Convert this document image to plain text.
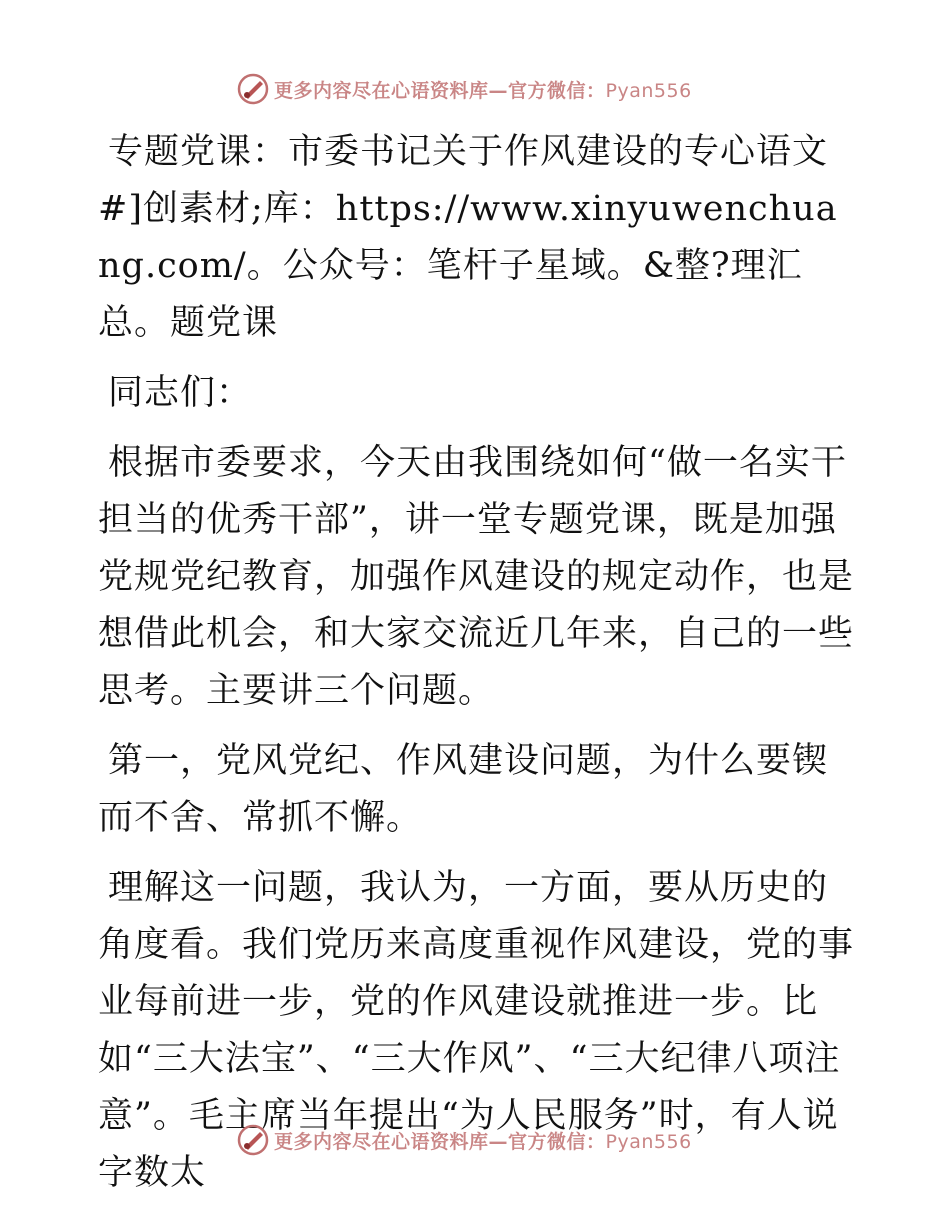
更多内容尽在心语资料库—官方微信：Pyan556

专题党课：市委书记关于作风建设的专心语文#]创素材;库：https://www.xinyuwenchuang.com/。公众号：笔杆子星域。&整?理汇总。题党课

同志们：

根据市委要求，今天由我围绕如何“做一名实干担当的优秀干部”，讲一堂专题党课，既是加强党规党纪教育，加强作风建设的规定动作，也是想借此机会，和大家交流近几年来，自己的一些思考。主要讲三个问题。

第一，党风党纪、作风建设问题，为什么要锲而不舍、常抓不懈。

理解这一问题，我认为，一方面，要从历史的角度看。我们党历来高度重视作风建设，党的事业每前进一步，党的作风建设就推进一步。比如“三大法宝”、“三大作风”、“三大纪律八项注意”。毛主席当年提出“为人民服务”时，有人说字数太

更多内容尽在心语资料库—官方微信：Pyan556
